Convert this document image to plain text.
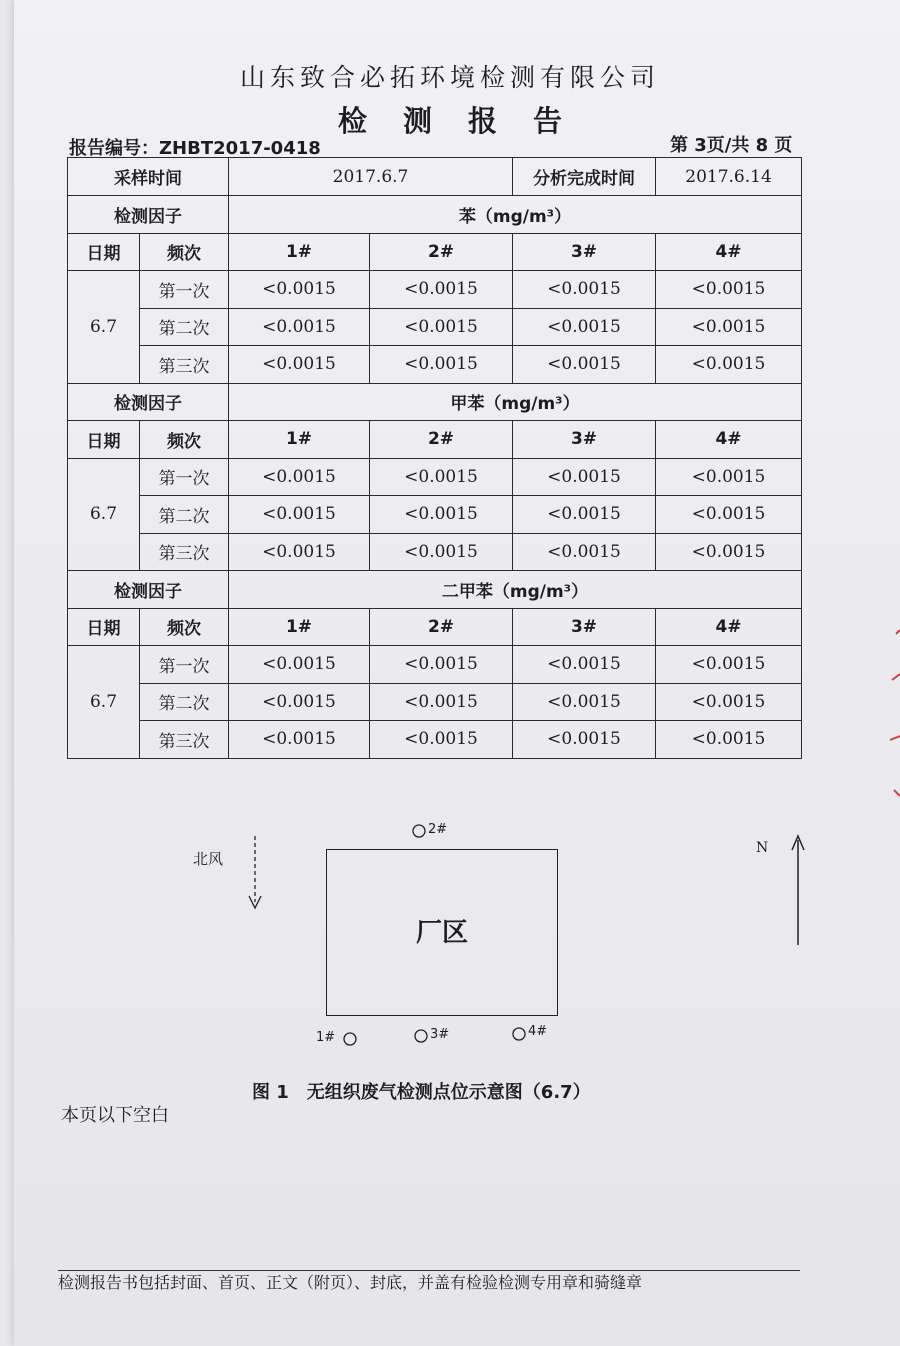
山东致合必拓环境检测有限公司
检 测 报 告
报告编号：ZHBT2017-0418	第 3页/共 8 页
采样时间		2017.6.7		分析完成时间	2017.6.14
检测因子		苯（mg/m³）			
日期	频次	1#	2#	3#	4#
6.7	第一次	<0.0015	<0.0015	<0.0015	<0.0015
	第二次	<0.0015	<0.0015	<0.0015	<0.0015
	第三次	<0.0015	<0.0015	<0.0015	<0.0015
检测因子		甲苯（mg/m³）			
日期	频次	1#	2#	3#	4#
6.7	第一次	<0.0015	<0.0015	<0.0015	<0.0015
	第二次	<0.0015	<0.0015	<0.0015	<0.0015
	第三次	<0.0015	<0.0015	<0.0015	<0.0015
检测因子		二甲苯（mg/m³）			
日期	频次	1#	2#	3#	4#
6.7	第一次	<0.0015	<0.0015	<0.0015	<0.0015
	第二次	<0.0015	<0.0015	<0.0015	<0.0015
	第三次	<0.0015	<0.0015	<0.0015	<0.0015
北风
N
厂区
2#
1#	3#	4#
图 1　无组织废气检测点位示意图（6.7）
本页以下空白
检测报告书包括封面、首页、正文（附页）、封底，并盖有检验检测专用章和骑缝章
